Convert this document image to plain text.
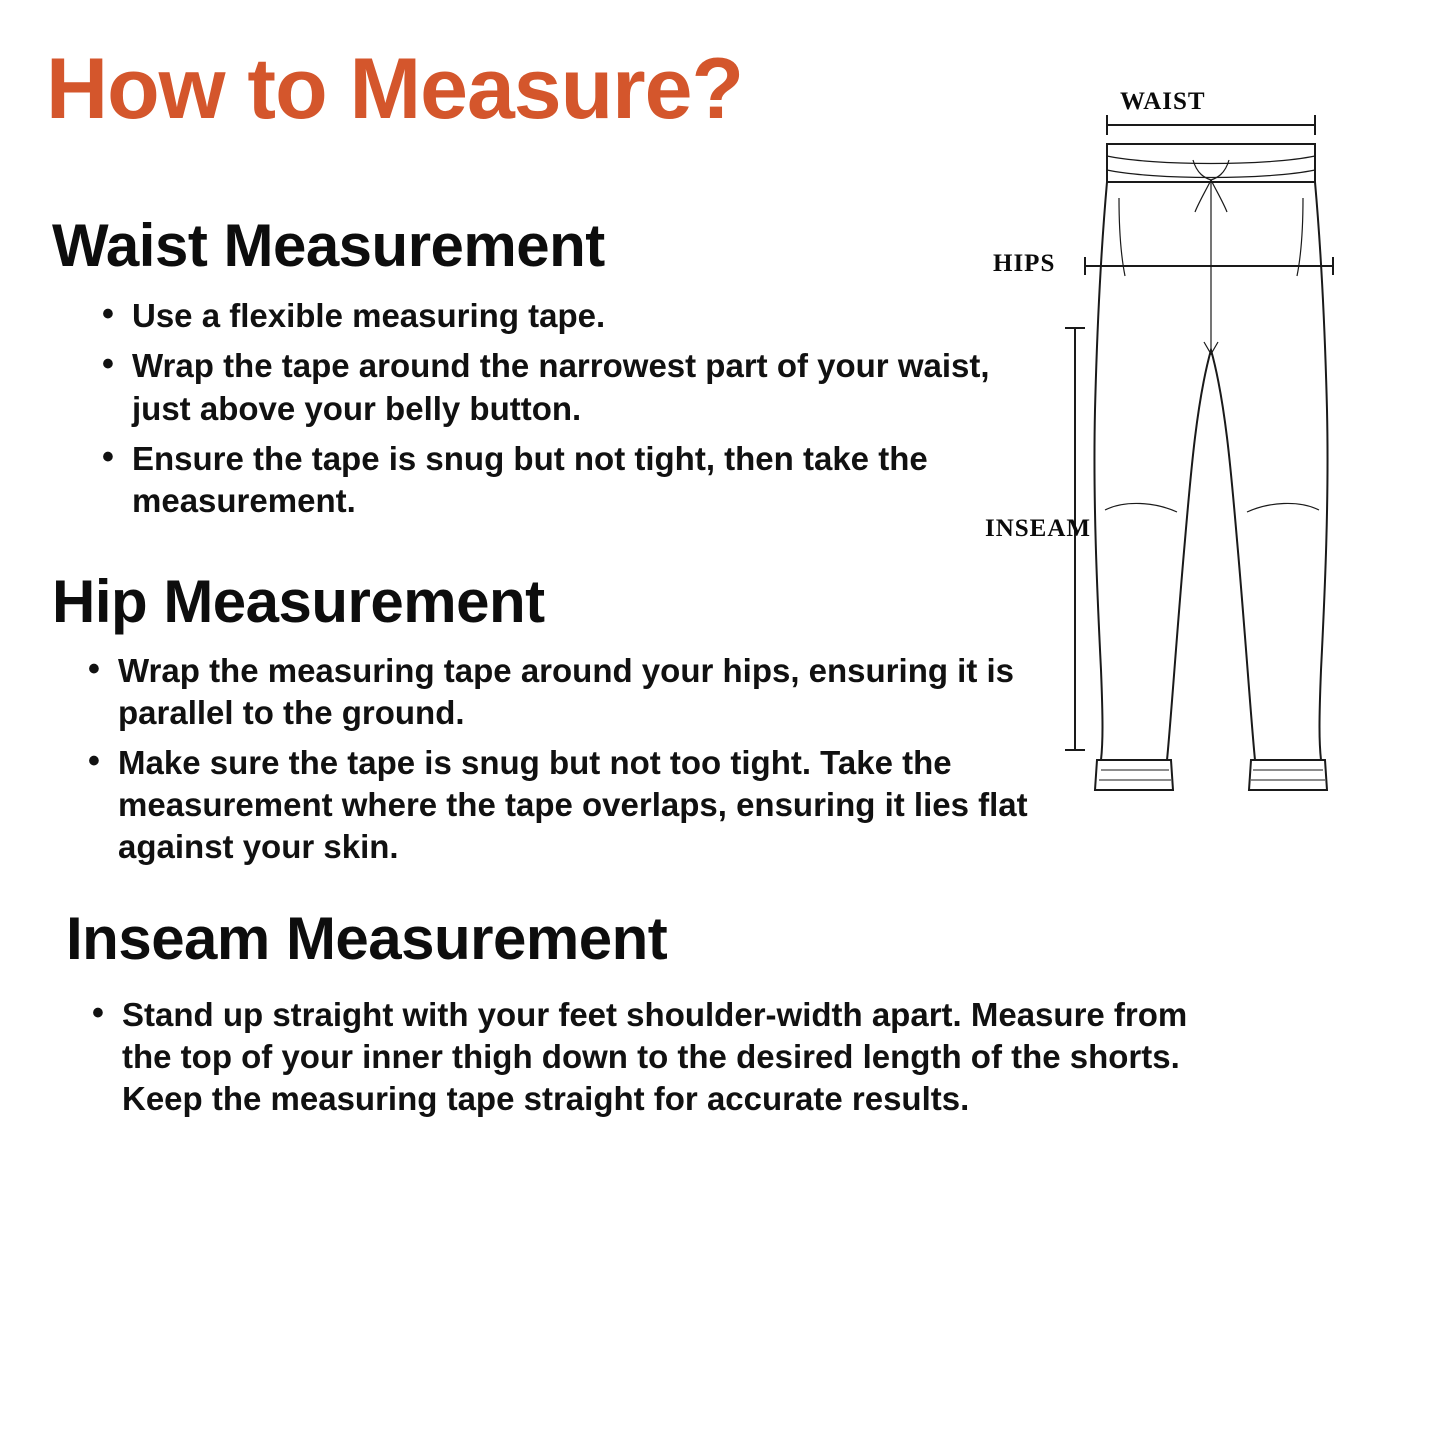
How to Measure?
Waist Measurement
• Use a flexible measuring tape.
• Wrap the tape around the narrowest part of your waist, just above your belly button.
• Ensure the tape is snug but not tight, then take the measurement.
Hip Measurement
• Wrap the measuring tape around your hips, ensuring it is parallel to the ground.
• Make sure the tape is snug but not too tight. Take the measurement where the tape overlaps, ensuring it lies flat against your skin.
Inseam Measurement
• Stand up straight with your feet shoulder-width apart. Measure from the top of your inner thigh down to the desired length of the shorts. Keep the measuring tape straight for accurate results.
WAIST
HIPS
INSEAM
